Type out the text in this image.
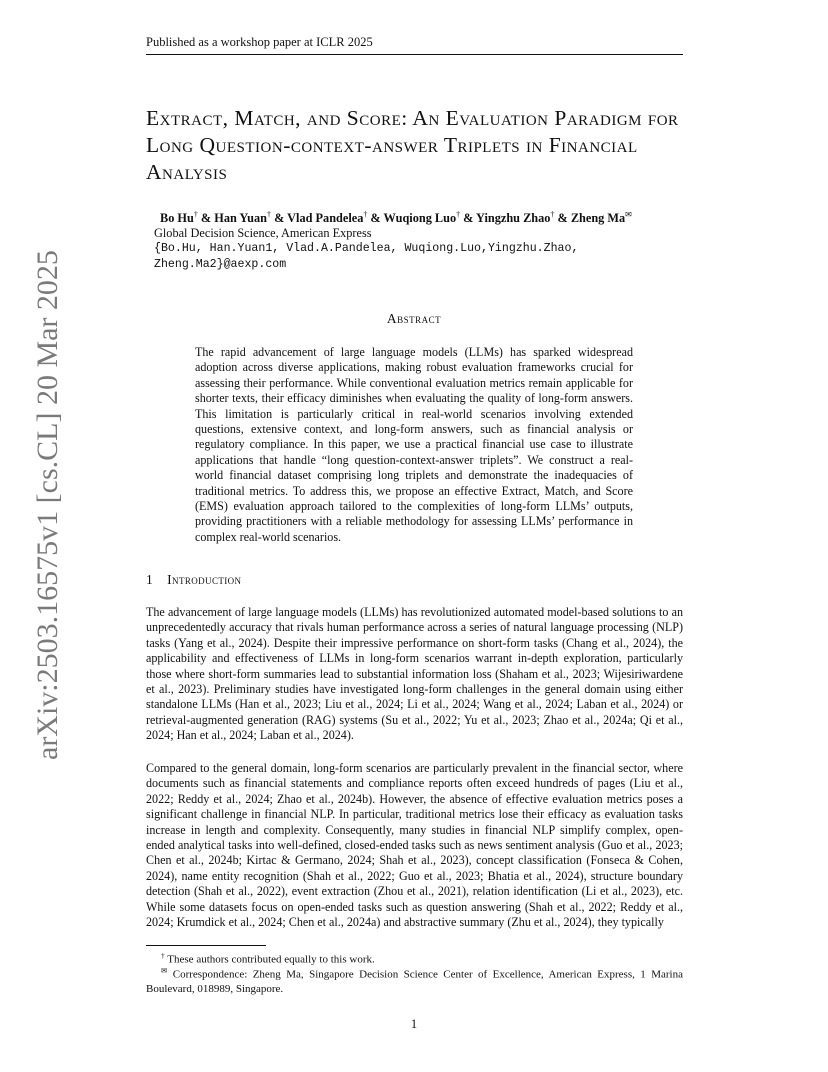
Published as a workshop paper at ICLR 2025
arXiv:2503.16575v1 [cs.CL] 20 Mar 2025
Extract, Match, and Score: An Evaluation Paradigm for Long Question-context-answer Triplets in Financial Analysis
Bo Hu† & Han Yuan† & Vlad Pandelea† & Wuqiong Luo† & Yingzhu Zhao† & Zheng Ma✉
Global Decision Science, American Express
{Bo.Hu, Han.Yuan1, Vlad.A.Pandelea, Wuqiong.Luo,Yingzhu.Zhao,
Zheng.Ma2}@aexp.com
Abstract

The rapid advancement of large language models (LLMs) has sparked widespread adoption across diverse applications, making robust evaluation frameworks crucial for assessing their performance. While conventional evaluation metrics remain applicable for shorter texts, their efficacy diminishes when evaluating the quality of long-form answers. This limitation is particularly critical in real-world scenarios involving extended questions, extensive context, and long-form answers, such as financial analysis or regulatory compliance. In this paper, we use a practical financial use case to illustrate applications that handle “long question-context-answer triplets”. We construct a real-world financial dataset comprising long triplets and demonstrate the inadequacies of traditional metrics. To address this, we propose an effective Extract, Match, and Score (EMS) evaluation approach tailored to the complexities of long-form LLMs’ outputs, providing practitioners with a reliable methodology for assessing LLMs’ performance in complex real-world scenarios.

1 Introduction

The advancement of large language models (LLMs) has revolutionized automated model-based solutions to an unprecedentedly accuracy that rivals human performance across a series of natural language processing (NLP) tasks (Yang et al., 2024). Despite their impressive performance on short-form tasks (Chang et al., 2024), the applicability and effectiveness of LLMs in long-form scenarios warrant in-depth exploration, particularly those where short-form summaries lead to substantial information loss (Shaham et al., 2023; Wijesiriwardene et al., 2023). Preliminary studies have investigated long-form challenges in the general domain using either standalone LLMs (Han et al., 2023; Liu et al., 2024; Li et al., 2024; Wang et al., 2024; Laban et al., 2024) or retrieval-augmented generation (RAG) systems (Su et al., 2022; Yu et al., 2023; Zhao et al., 2024a; Qi et al., 2024; Han et al., 2024; Laban et al., 2024).

Compared to the general domain, long-form scenarios are particularly prevalent in the financial sector, where documents such as financial statements and compliance reports often exceed hundreds of pages (Liu et al., 2022; Reddy et al., 2024; Zhao et al., 2024b). However, the absence of effective evaluation metrics poses a significant challenge in financial NLP. In particular, traditional metrics lose their efficacy as evaluation tasks increase in length and complexity. Consequently, many studies in financial NLP simplify complex, open-ended analytical tasks into well-defined, closed-ended tasks such as news sentiment analysis (Guo et al., 2023; Chen et al., 2024b; Kirtac & Germano, 2024; Shah et al., 2023), concept classification (Fonseca & Cohen, 2024), name entity recognition (Shah et al., 2022; Guo et al., 2023; Bhatia et al., 2024), structure boundary detection (Shah et al., 2022), event extraction (Zhou et al., 2021), relation identification (Li et al., 2023), etc. While some datasets focus on open-ended tasks such as question answering (Shah et al., 2022; Reddy et al., 2024; Krumdick et al., 2024; Chen et al., 2024a) and abstractive summary (Zhu et al., 2024), they typically

† These authors contributed equally to this work.

✉ Correspondence: Zheng Ma, Singapore Decision Science Center of Excellence, American Express, 1 Marina Boulevard, 018989, Singapore.

1
